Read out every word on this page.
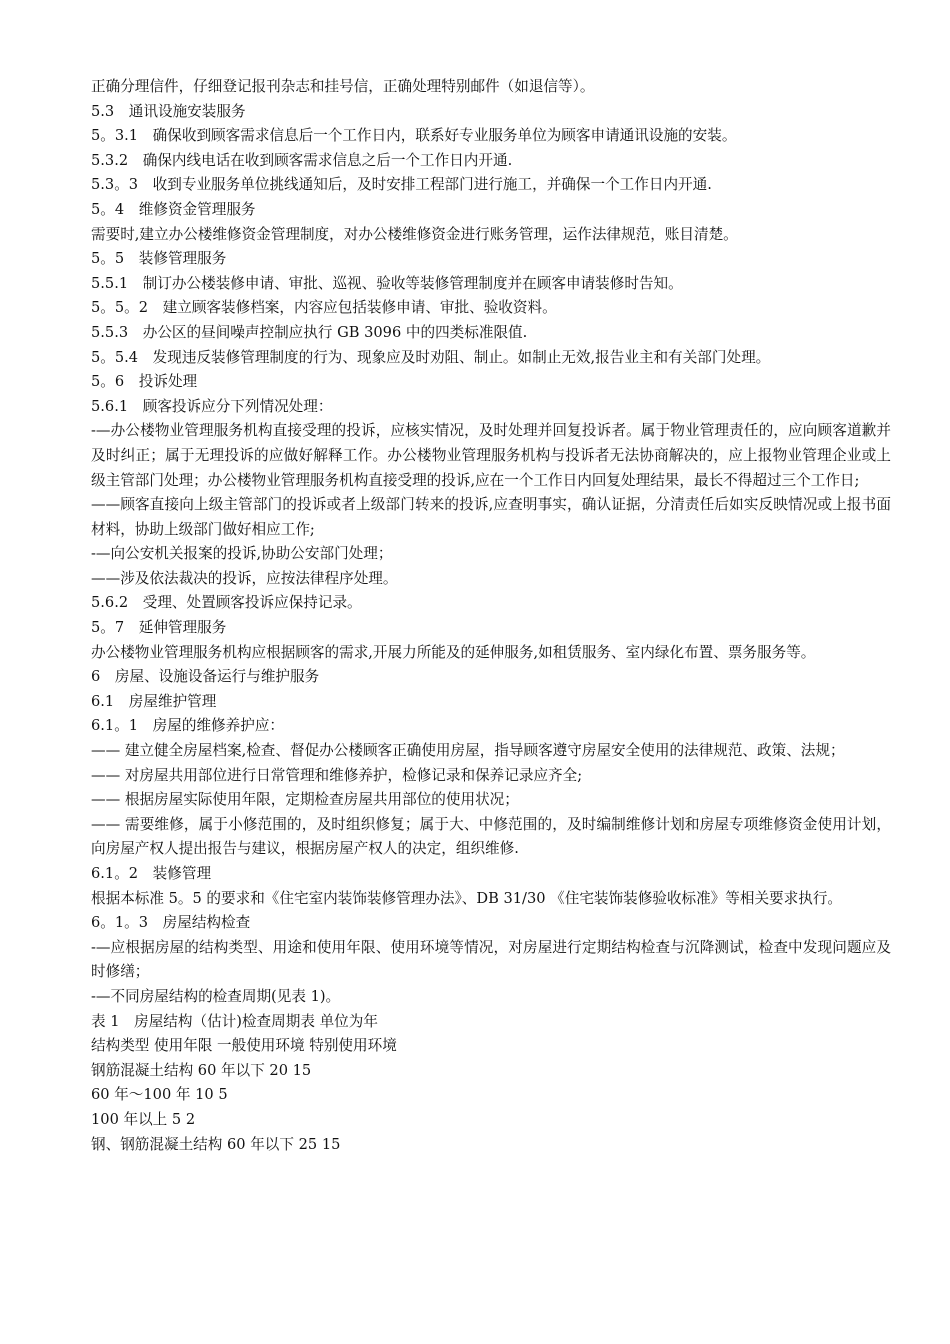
正确分理信件，仔细登记报刊杂志和挂号信，正确处理特别邮件（如退信等）。

5.3　通讯设施安装服务

5。3.1　确保收到顾客需求信息后一个工作日内，联系好专业服务单位为顾客申请通讯设施的安装。

5.3.2　确保内线电话在收到顾客需求信息之后一个工作日内开通.

5.3。3　收到专业服务单位挑线通知后，及时安排工程部门进行施工，并确保一个工作日内开通.

5。4　维修资金管理服务

需要时,建立办公楼维修资金管理制度，对办公楼维修资金进行账务管理，运作法律规范，账目清楚。

5。5　装修管理服务

5.5.1　制订办公楼装修申请、审批、巡视、验收等装修管理制度并在顾客申请装修时告知。

5。5。2　建立顾客装修档案，内容应包括装修申请、审批、验收资料。

5.5.3　办公区的昼间噪声控制应执行 GB 3096 中的四类标准限值.

5。5.4　发现违反装修管理制度的行为、现象应及时劝阻、制止。如制止无效,报告业主和有关部门处理。

5。6　投诉处理

5.6.1　顾客投诉应分下列情况处理：

-—办公楼物业管理服务机构直接受理的投诉，应核实情况，及时处理并回复投诉者。属于物业管理责任的，应向顾客道歉并及时纠正；属于无理投诉的应做好解释工作。办公楼物业管理服务机构与投诉者无法协商解决的，应上报物业管理企业或上级主管部门处理；办公楼物业管理服务机构直接受理的投诉,应在一个工作日内回复处理结果，最长不得超过三个工作日;

——顾客直接向上级主管部门的投诉或者上级部门转来的投诉,应查明事实，确认证据，分清责任后如实反映情况或上报书面材料，协助上级部门做好相应工作;

-—向公安机关报案的投诉,协助公安部门处理；

——涉及依法裁决的投诉，应按法律程序处理。

5.6.2　受理、处置顾客投诉应保持记录。

5。7　延伸管理服务

办公楼物业管理服务机构应根据顾客的需求,开展力所能及的延伸服务,如租赁服务、室内绿化布置、票务服务等。

6　房屋、设施设备运行与维护服务

6.1　房屋维护管理

6.1。1　房屋的维修养护应：

—— 建立健全房屋档案,检查、督促办公楼顾客正确使用房屋，指导顾客遵守房屋安全使用的法律规范、政策、法规；

—— 对房屋共用部位进行日常管理和维修养护，检修记录和保养记录应齐全;

—— 根据房屋实际使用年限，定期检查房屋共用部位的使用状况；

—— 需要维修，属于小修范围的，及时组织修复；属于大、中修范围的，及时编制维修计划和房屋专项维修资金使用计划，向房屋产权人提出报告与建议，根据房屋产权人的决定，组织维修.

6.1。2　装修管理

根据本标准 5。5 的要求和《住宅室内装饰装修管理办法》、DB 31/30 《住宅装饰装修验收标准》等相关要求执行。

6。1。3　房屋结构检查

-—应根据房屋的结构类型、用途和使用年限、使用环境等情况，对房屋进行定期结构检查与沉降测试，检查中发现问题应及时修缮；

-—不同房屋结构的检查周期(见表 1)。

表 1　房屋结构（估计)检查周期表 单位为年

结构类型 使用年限 一般使用环境 特别使用环境

钢筋混凝土结构 60 年以下 20 15

60 年～100 年 10 5

100 年以上 5 2

钢、钢筋混凝土结构 60 年以下 25 15
